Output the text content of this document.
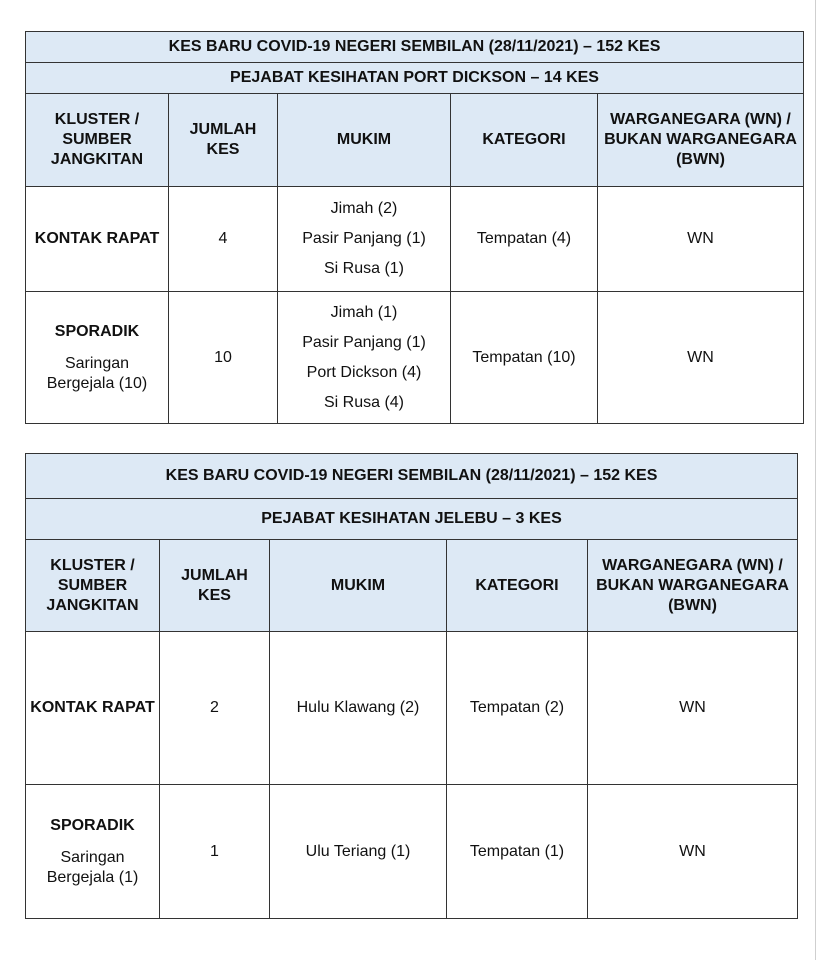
KES BARU COVID-19 NEGERI SEMBILAN (28/11/2021) – 152 KES				
PEJABAT KESIHATAN PORT DICKSON – 14 KES				
KLUSTER / SUMBER JANGKITAN	JUMLAH KES	MUKIM	KATEGORI	WARGANEGARA (WN) / BUKAN WARGANEGARA (BWN)

KONTAK RAPAT	4	Jimah (2)
Pasir Panjang (1)
Si Rusa (1)	Tempatan (4)	WN

SPORADIK
Saringan Bergejala (10)	10	Jimah (1)
Pasir Panjang (1)
Port Dickson (4)
Si Rusa (4)	Tempatan (10)	WN
KES BARU COVID-19 NEGERI SEMBILAN (28/11/2021) – 152 KES				
PEJABAT KESIHATAN JELEBU – 3 KES				
KLUSTER / SUMBER JANGKITAN	JUMLAH KES	MUKIM	KATEGORI	WARGANEGARA (WN) / BUKAN WARGANEGARA (BWN)

KONTAK RAPAT	2	Hulu Klawang (2)	Tempatan (2)	WN

SPORADIK
Saringan Bergejala (1)	1	Ulu Teriang (1)	Tempatan (1)	WN
